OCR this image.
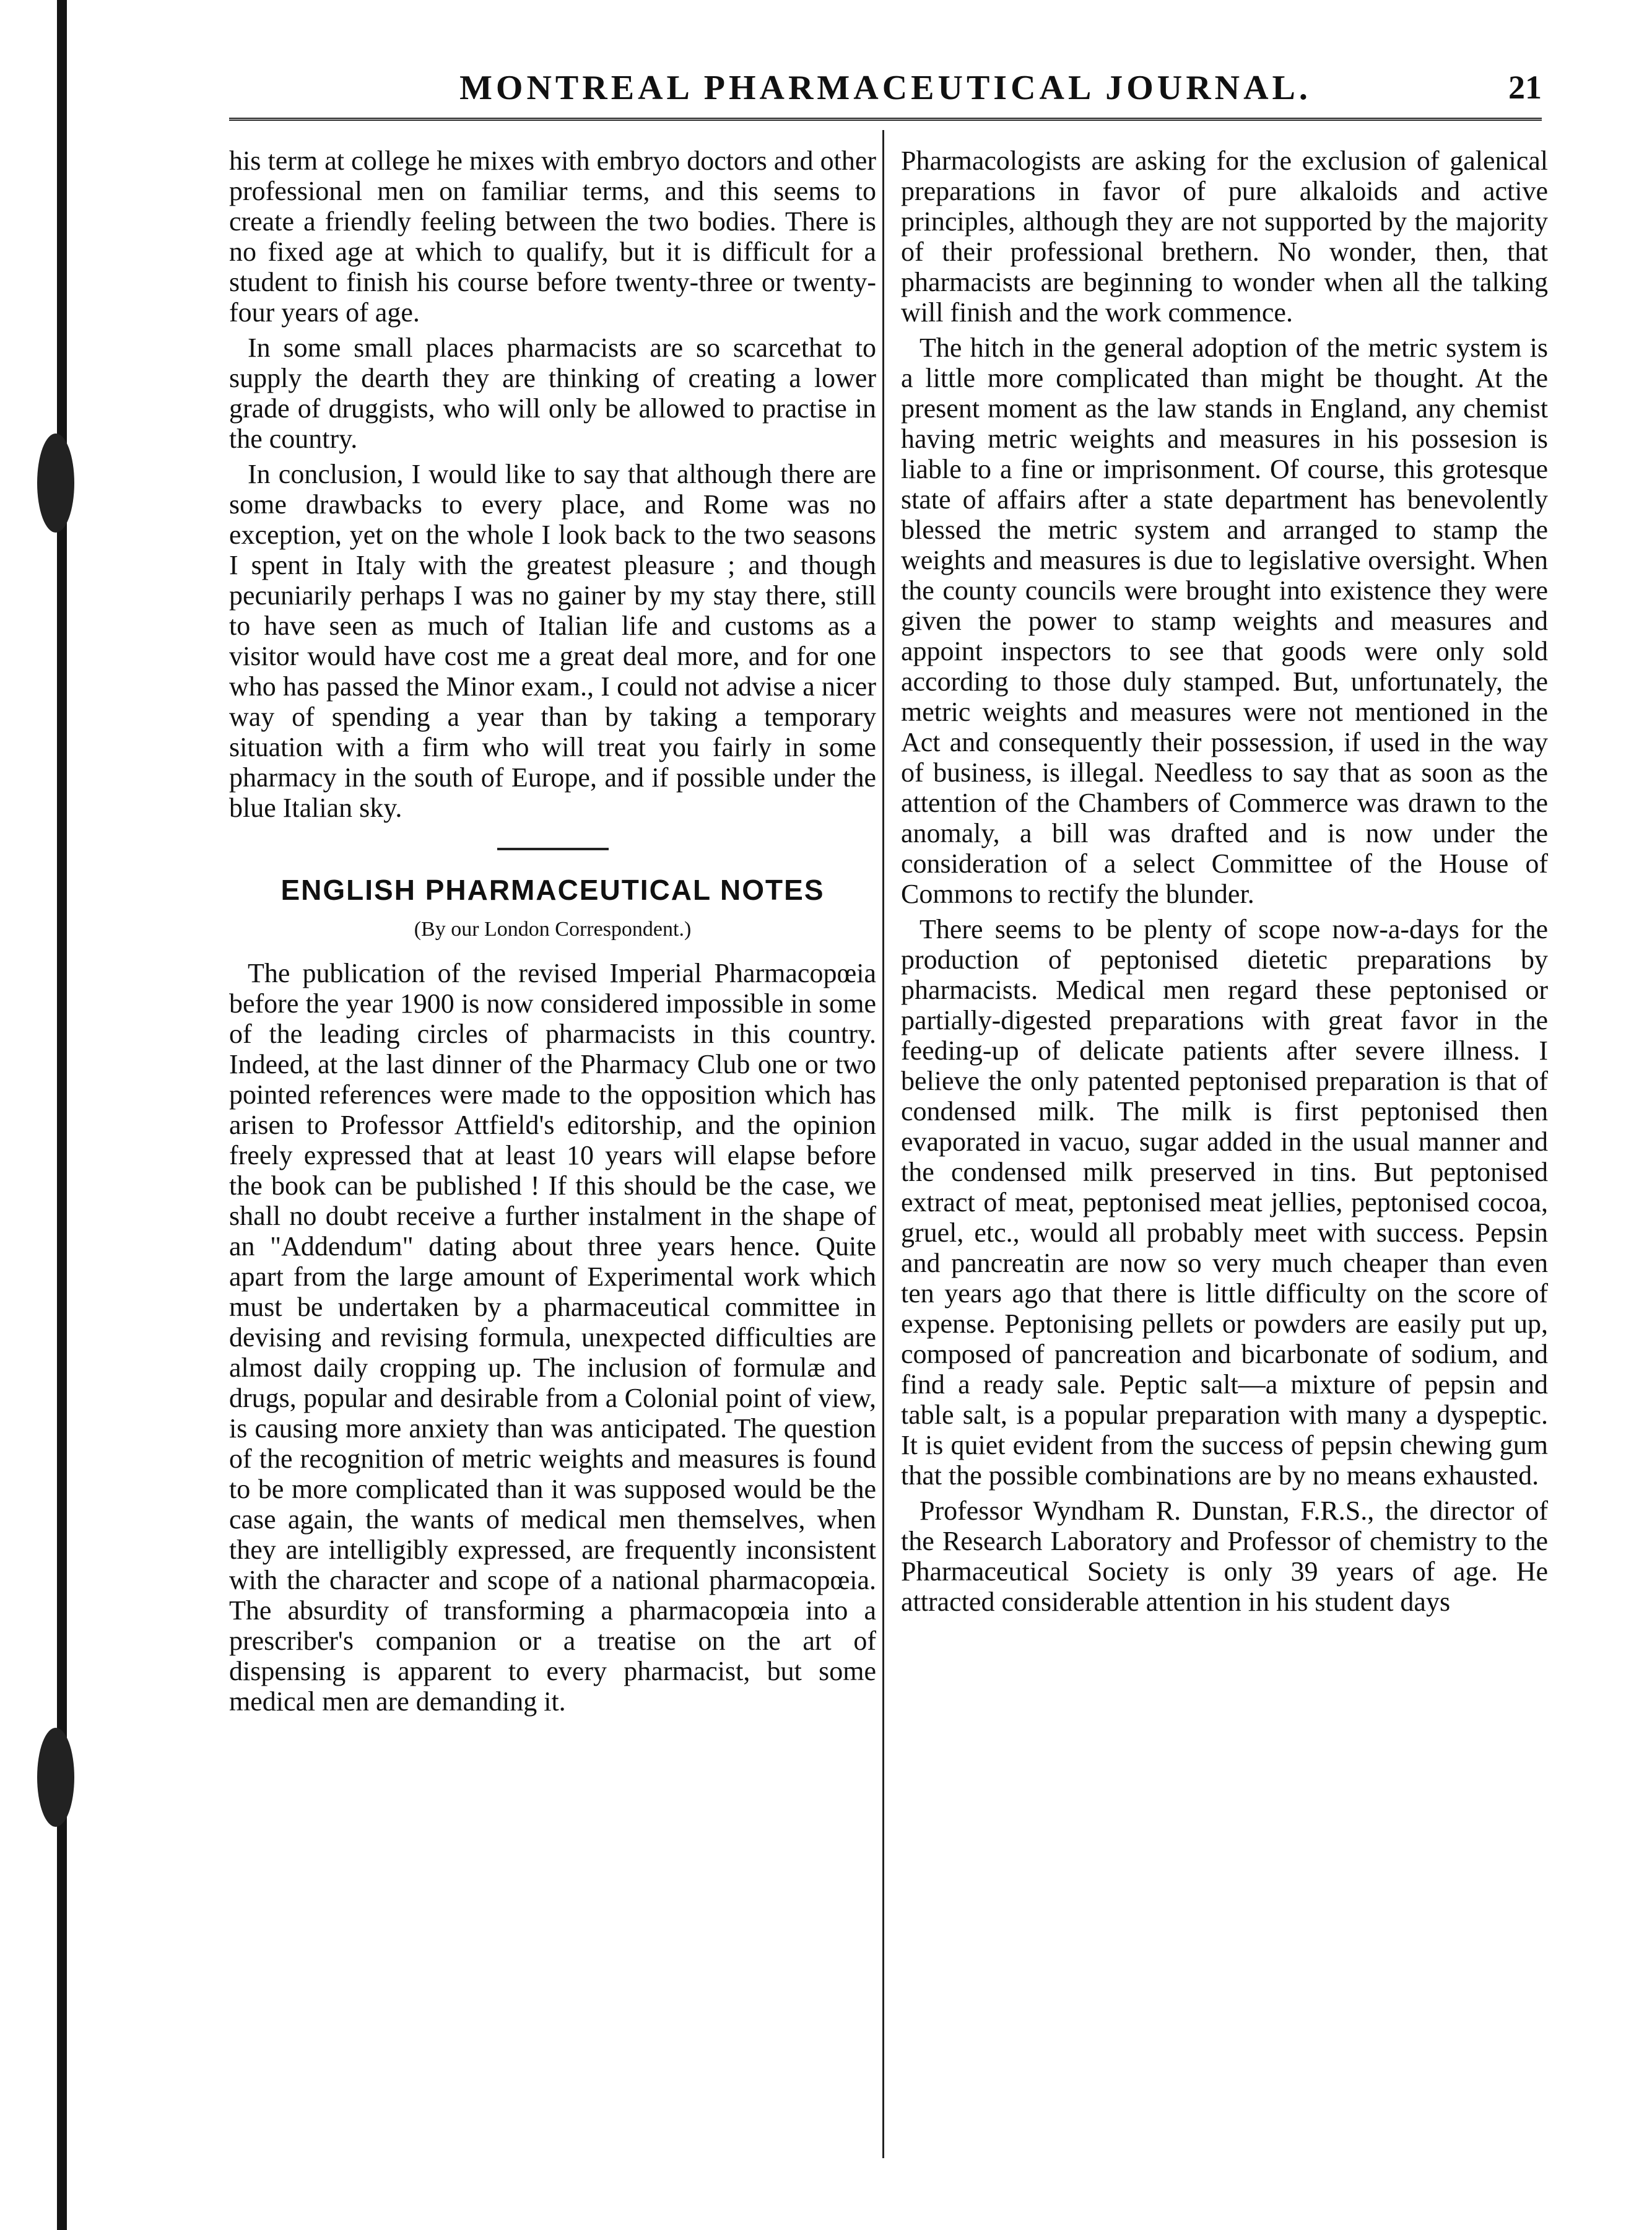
MONTREAL PHARMACEUTICAL JOURNAL.	21

his term at college he mixes with embryo doctors and other professional men on familiar terms, and this seems to create a friendly feeling between the two bodies. There is no fixed age at which to qualify, but it is difficult for a student to finish his course before twenty-three or twenty-four years of age.

In some small places pharmacists are so scarcethat to supply the dearth they are thinking of creating a lower grade of druggists, who will only be allowed to practise in the country.

In conclusion, I would like to say that although there are some drawbacks to every place, and Rome was no exception, yet on the whole I look back to the two seasons I spent in Italy with the greatest pleasure ; and though pecuniarily perhaps I was no gainer by my stay there, still to have seen as much of Italian life and customs as a visitor would have cost me a great deal more, and for one who has passed the Minor exam., I could not advise a nicer way of spending a year than by taking a temporary situation with a firm who will treat you fairly in some pharmacy in the south of Europe, and if possible under the blue Italian sky.

ENGLISH PHARMACEUTICAL NOTES
(By our London Correspondent.)

The publication of the revised Imperial Pharmacopœia before the year 1900 is now considered impossible in some of the leading circles of pharmacists in this country. Indeed, at the last dinner of the Pharmacy Club one or two pointed references were made to the opposition which has arisen to Professor Attfield's editorship, and the opinion freely expressed that at least 10 years will elapse before the book can be published ! If this should be the case, we shall no doubt receive a further instalment in the shape of an "Addendum" dating about three years hence. Quite apart from the large amount of Experimental work which must be undertaken by a pharmaceutical committee in devising and revising formula, unexpected difficulties are almost daily cropping up. The inclusion of formulæ and drugs, popular and desirable from a Colonial point of view, is causing more anxiety than was anticipated. The question of the recognition of metric weights and measures is found to be more complicated than it was supposed would be the case again, the wants of medical men themselves, when they are intelligibly expressed, are frequently inconsistent with the character and scope of a national pharmacopœia. The absurdity of transforming a pharmacopœia into a prescriber's companion or a treatise on the art of dispensing is apparent to every pharmacist, but some medical men are demanding it.

Pharmacologists are asking for the exclusion of galenical preparations in favor of pure alkaloids and active principles, although they are not supported by the majority of their professional brethern. No wonder, then, that pharmacists are beginning to wonder when all the talking will finish and the work commence.

The hitch in the general adoption of the metric system is a little more complicated than might be thought. At the present moment as the law stands in England, any chemist having metric weights and measures in his possesion is liable to a fine or imprisonment. Of course, this grotesque state of affairs after a state department has benevolently blessed the metric system and arranged to stamp the weights and measures is due to legislative oversight. When the county councils were brought into existence they were given the power to stamp weights and measures and appoint inspectors to see that goods were only sold according to those duly stamped. But, unfortunately, the metric weights and measures were not mentioned in the Act and consequently their possession, if used in the way of business, is illegal. Needless to say that as soon as the attention of the Chambers of Commerce was drawn to the anomaly, a bill was drafted and is now under the consideration of a select Committee of the House of Commons to rectify the blunder.

There seems to be plenty of scope now-a-days for the production of peptonised dietetic preparations by pharmacists. Medical men regard these peptonised or partially-digested preparations with great favor in the feeding-up of delicate patients after severe illness. I believe the only patented peptonised preparation is that of condensed milk. The milk is first peptonised then evaporated in vacuo, sugar added in the usual manner and the condensed milk preserved in tins. But peptonised extract of meat, peptonised meat jellies, peptonised cocoa, gruel, etc., would all probably meet with success. Pepsin and pancreatin are now so very much cheaper than even ten years ago that there is little difficulty on the score of expense. Peptonising pellets or powders are easily put up, composed of pancreation and bicarbonate of sodium, and find a ready sale. Peptic salt—a mixture of pepsin and table salt, is a popular preparation with many a dyspeptic. It is quiet evident from the success of pepsin chewing gum that the possible combinations are by no means exhausted.

Professor Wyndham R. Dunstan, F.R.S., the director of the Research Laboratory and Professor of chemistry to the Pharmaceutical Society is only 39 years of age. He attracted considerable attention in his student days
